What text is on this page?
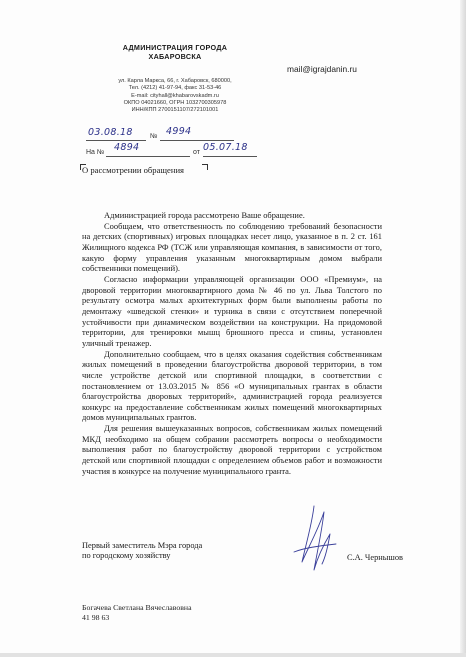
АДМИНИСТРАЦИЯ ГОРОДА
ХАБАРОВСКА
ул. Карла Маркса, 66, г. Хабаровск, 680000,
Тел. (4212) 41-97-94, факс 31-53-46
E-mail: cityhall@khabarovskadm.ru
ОКПО 04021660, ОГРН 1032700305978
ИНН/КПП 2700151107/272101001
mail@igrajdanin.ru
03.08.18 № 4994
На № 4894	от 05.07.18
О рассмотрении обращения

Администрацией города рассмотрено Ваше обращение.

Сообщаем, что ответственность по соблюдению требований безопасности на детских (спортивных) игровых площадках несет лицо, указанное в п. 2 ст. 161 Жилищного кодекса РФ (ТСЖ или управляющая компания, в зависимости от того, какую форму управления указанным многоквартирным домом выбрали собственники помещений).

Согласно информации управляющей организации ООО «Премиум», на дворовой территории многоквартирного дома № 46 по ул. Льва Толстого по результату осмотра малых архитектурных форм были выполнены работы по демонтажу «шведской стенки» и турника в связи с отсутствием поперечной устойчивости при динамическом воздействии на конструкции. На придомовой территории, для тренировки мышц брюшного пресса и спины, установлен уличный тренажер.

Дополнительно сообщаем, что в целях оказания содействия собственникам жилых помещений в проведении благоустройства дворовой территории, в том числе устройстве детской или спортивной площадки, в соответствии с постановлением от 13.03.2015 № 856 «О муниципальных грантах в области благоустройства дворовых территорий», администрацией города реализуется конкурс на предоставление собственникам жилых помещений многоквартирных домов муниципальных грантов.

Для решения вышеуказанных вопросов, собственникам жилых помещений МКД необходимо на общем собрании рассмотреть вопросы о необходимости выполнения работ по благоустройству дворовой территории с устройством детской или спортивной площадки с определением объемов работ и возможности участия в конкурсе на получение муниципального гранта.

Первый заместитель Мэра города
по городскому хозяйству	С.А. Чернышов
Богачева Светлана Вячеславовна
41 98 63
